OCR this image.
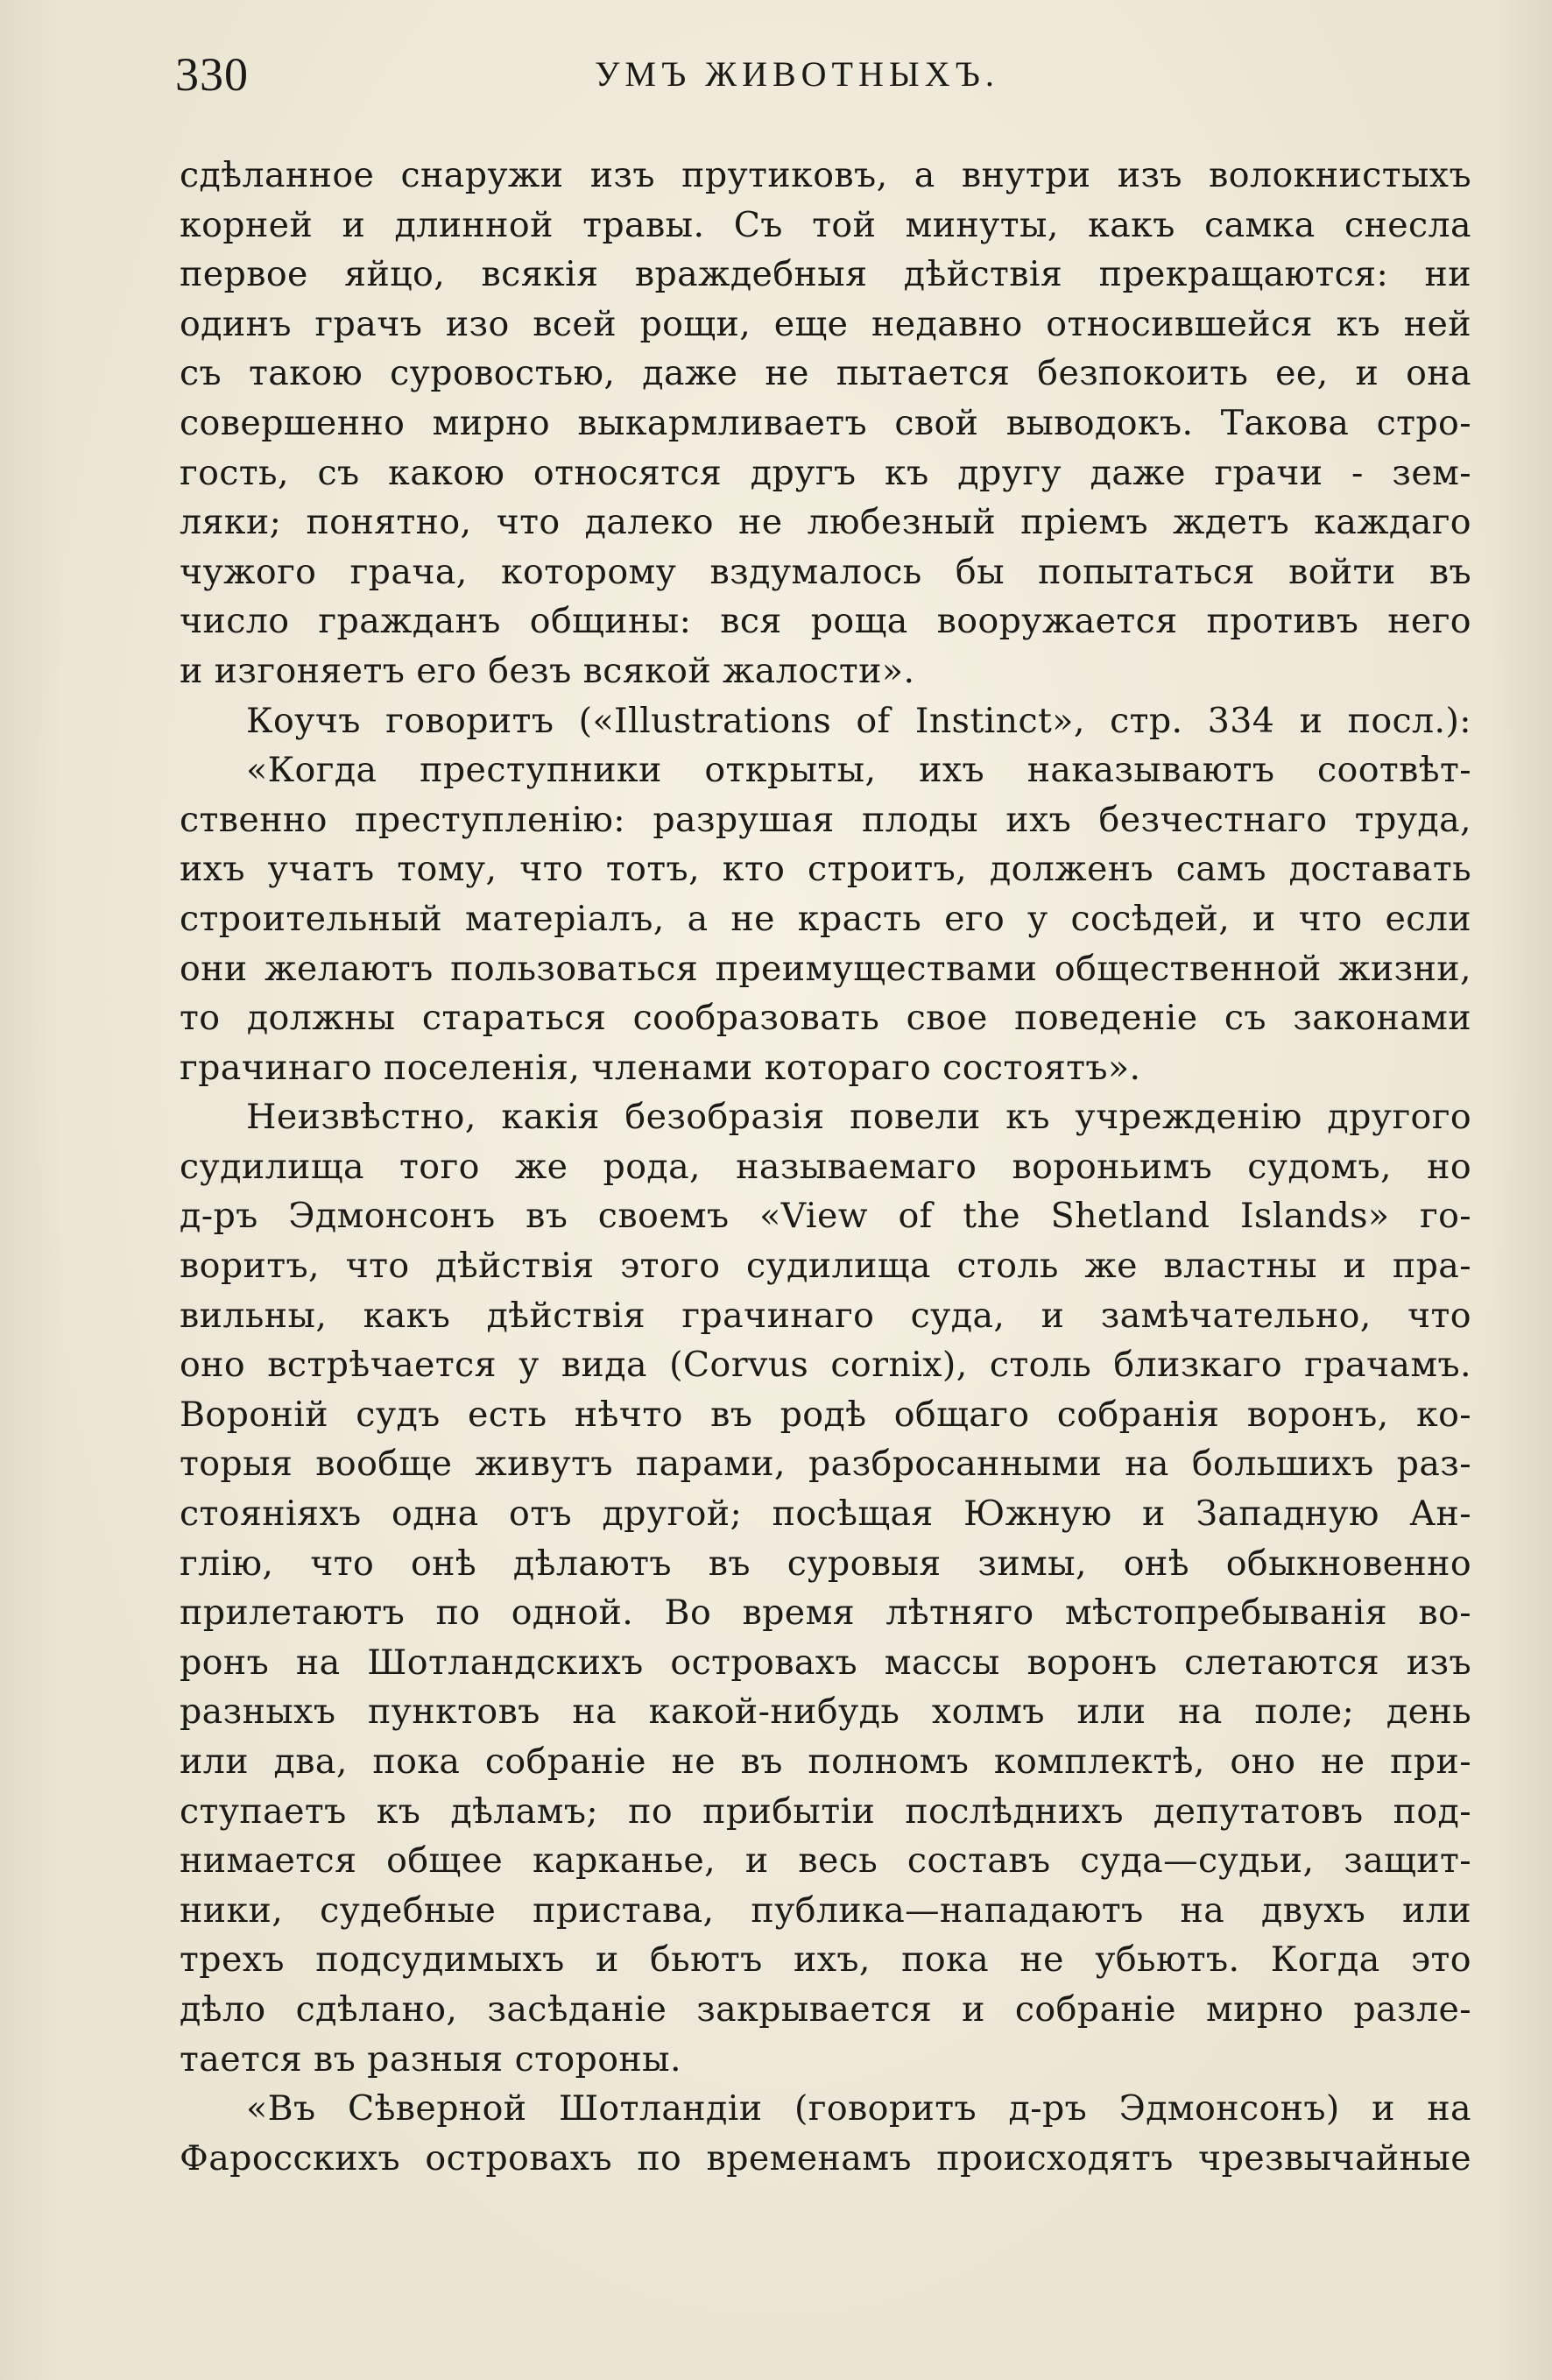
330	УМЪ ЖИВОТНЫХЪ.
сдѣланное снаружи изъ прутиковъ, а внутри изъ волокнистыхъ
корней и длинной травы. Съ той минуты, какъ самка снесла
первое яйцо, всякія враждебныя дѣйствія прекращаются: ни
одинъ грачъ изо всей рощи, еще недавно относившейся къ ней
съ такою суровостью, даже не пытается безпокоить ее, и она
совершенно мирно выкармливаетъ свой выводокъ. Такова стро-
гость, съ какою относятся другъ къ другу даже грачи - зем-
ляки; понятно, что далеко не любезный пріемъ ждетъ каждаго
чужого грача, которому вздумалось бы попытаться войти въ
число гражданъ общины: вся роща вооружается противъ него
и изгоняетъ его безъ всякой жалости».
Коучъ говоритъ («Illustrations of Instinct», стр. 334 и посл.):
«Когда преступники открыты, ихъ наказываютъ соотвѣт-
ственно преступленію: разрушая плоды ихъ безчестнаго труда,
ихъ учатъ тому, что тотъ, кто строитъ, долженъ самъ доставать
строительный матеріалъ, а не красть его у сосѣдей, и что если
они желаютъ пользоваться преимуществами общественной жизни,
то должны стараться сообразовать свое поведеніе съ законами
грачинаго поселенія, членами котораго состоятъ».
Неизвѣстно, какія безобразія повели къ учрежденію другого
судилища того же рода, называемаго вороньимъ судомъ, но
д-ръ Эдмонсонъ въ своемъ «View of the Shetland Islands» го-
воритъ, что дѣйствія этого судилища столь же властны и пра-
вильны, какъ дѣйствія грачинаго суда, и замѣчательно, что
оно встрѣчается у вида (Corvus cornix), столь близкаго грачамъ.
Вороній судъ есть нѣчто въ родѣ общаго собранія воронъ, ко-
торыя вообще живутъ парами, разбросанными на большихъ раз-
стояніяхъ одна отъ другой; посѣщая Южную и Западную Ан-
глію, что онѣ дѣлаютъ въ суровыя зимы, онѣ обыкновенно
прилетаютъ по одной. Во время лѣтняго мѣстопребыванія во-
ронъ на Шотландскихъ островахъ массы воронъ слетаются изъ
разныхъ пунктовъ на какой-нибудь холмъ или на поле; день
или два, пока собраніе не въ полномъ комплектѣ, оно не при-
ступаетъ къ дѣламъ; по прибытіи послѣднихъ депутатовъ под-
нимается общее карканье, и весь составъ суда—судьи, защит-
ники, судебные пристава, публика—нападаютъ на двухъ или
трехъ подсудимыхъ и бьютъ ихъ, пока не убьютъ. Когда это
дѣло сдѣлано, засѣданіе закрывается и собраніе мирно разле-
тается въ разныя стороны.
«Въ Сѣверной Шотландіи (говоритъ д-ръ Эдмонсонъ) и на
Фаросскихъ островахъ по временамъ происходятъ чрезвычайные
